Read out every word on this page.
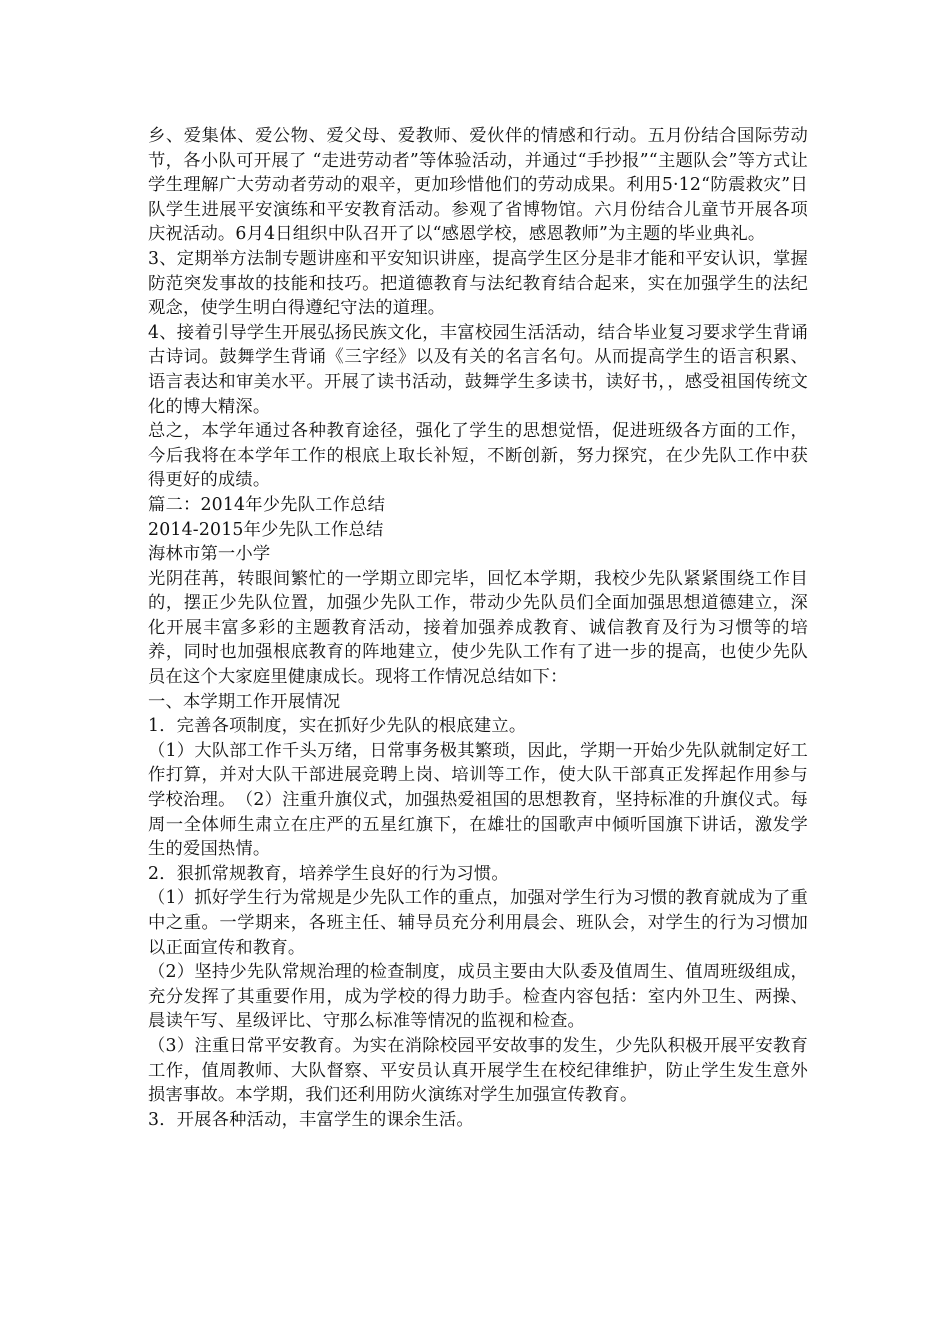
乡、爱集体、爱公物、爱父母、爱教师、爱伙伴的情感和行动。五月份结合国际劳动节，各小队可开展了 “走进劳动者”等体验活动，并通过“手抄报”“主题队会”等方式让学生理解广大劳动者劳动的艰辛，更加珍惜他们的劳动成果。利用5·12“防震救灾”日队学生进展平安演练和平安教育活动。参观了省博物馆。六月份结合儿童节开展各项庆祝活动。6月4日组织中队召开了以“感恩学校，感恩教师”为主题的毕业典礼。

3、定期举方法制专题讲座和平安知识讲座，提高学生区分是非才能和平安认识，掌握防范突发事故的技能和技巧。把道德教育与法纪教育结合起来，实在加强学生的法纪观念，使学生明白得遵纪守法的道理。

4、接着引导学生开展弘扬民族文化，丰富校园生活活动，结合毕业复习要求学生背诵古诗词。鼓舞学生背诵《三字经》以及有关的名言名句。从而提高学生的语言积累、语言表达和审美水平。开展了读书活动，鼓舞学生多读书，读好书，，感受祖国传统文化的博大精深。

总之，本学年通过各种教育途径，强化了学生的思想觉悟，促进班级各方面的工作，今后我将在本学年工作的根底上取长补短，不断创新，努力探究，在少先队工作中获得更好的成绩。

篇二：2014年少先队工作总结

2014-2015年少先队工作总结

海林市第一小学

光阴荏苒，转眼间繁忙的一学期立即完毕，回忆本学期，我校少先队紧紧围绕工作目的，摆正少先队位置，加强少先队工作，带动少先队员们全面加强思想道德建立，深化开展丰富多彩的主题教育活动，接着加强养成教育、诚信教育及行为习惯等的培养，同时也加强根底教育的阵地建立，使少先队工作有了进一步的提高，也使少先队员在这个大家庭里健康成长。现将工作情况总结如下：

一、本学期工作开展情况

1．完善各项制度，实在抓好少先队的根底建立。

（1）大队部工作千头万绪，日常事务极其繁琐，因此，学期一开始少先队就制定好工作打算，并对大队干部进展竞聘上岗、培训等工作，使大队干部真正发挥起作用参与学校治理。　（2）注重升旗仪式，加强热爱祖国的思想教育，坚持标准的升旗仪式。每周一全体师生肃立在庄严的五星红旗下，在雄壮的国歌声中倾听国旗下讲话，激发学生的爱国热情。

2．狠抓常规教育，培养学生良好的行为习惯。

（1）抓好学生行为常规是少先队工作的重点，加强对学生行为习惯的教育就成为了重中之重。一学期来，各班主任、辅导员充分利用晨会、班队会，对学生的行为习惯加以正面宣传和教育。

（2）坚持少先队常规治理的检查制度，成员主要由大队委及值周生、值周班级组成，充分发挥了其重要作用，成为学校的得力助手。检查内容包括：室内外卫生、两操、晨读午写、星级评比、守那么标准等情况的监视和检查。

（3）注重日常平安教育。为实在消除校园平安故事的发生，少先队积极开展平安教育工作，值周教师、大队督察、平安员认真开展学生在校纪律维护，防止学生发生意外损害事故。本学期，我们还利用防火演练对学生加强宣传教育。

3．开展各种活动，丰富学生的课余生活。
